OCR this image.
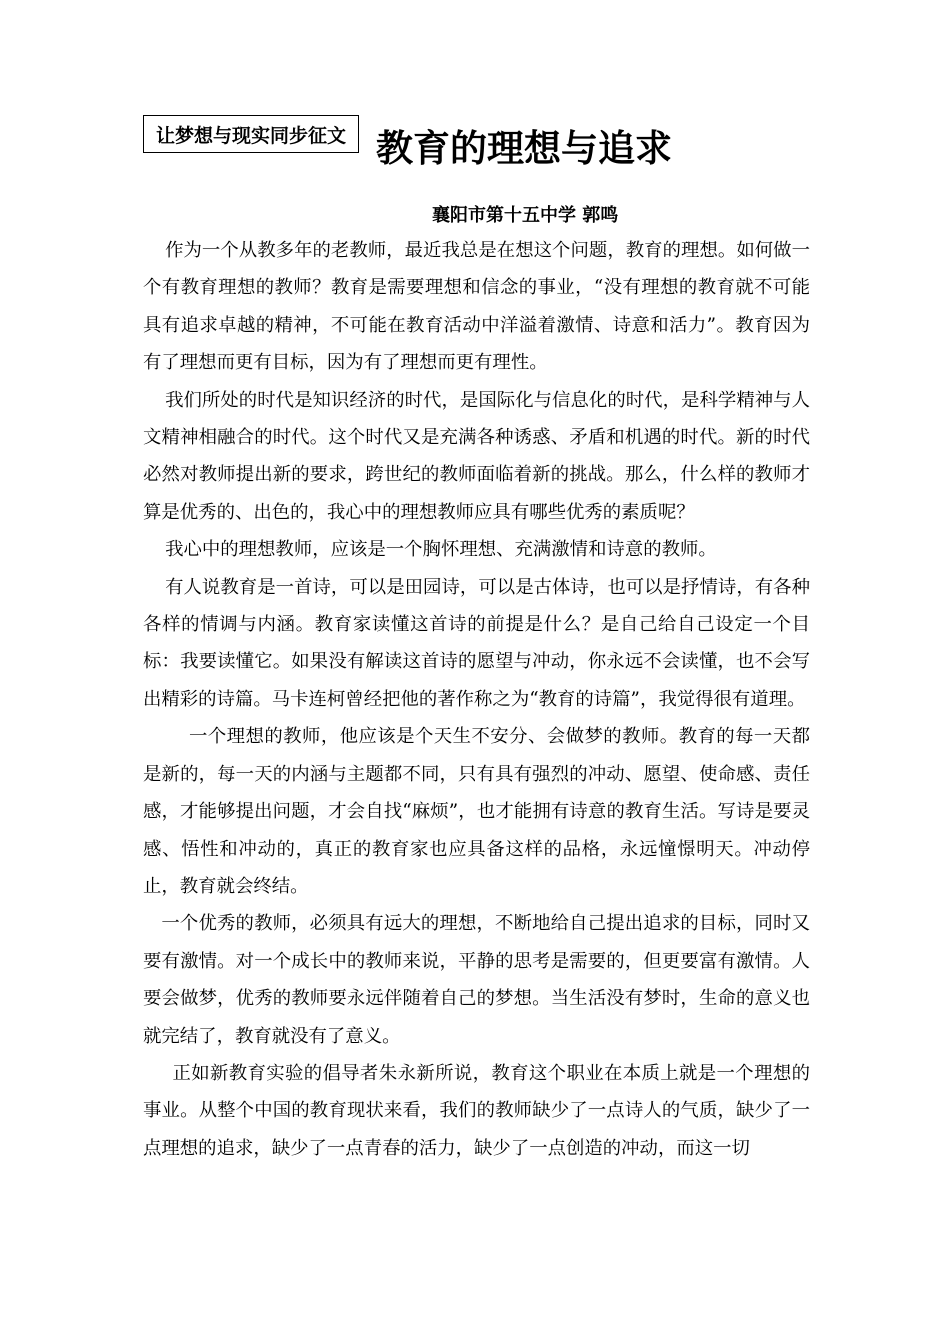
让梦想与现实同步征文 教育的理想与追求
襄阳市第十五中学 郭鸣

作为一个从教多年的老教师，最近我总是在想这个问题，教育的理想。如何做一个有教育理想的教师？教育是需要理想和信念的事业，“没有理想的教育就不可能具有追求卓越的精神，不可能在教育活动中洋溢着激情、诗意和活力”。教育因为有了理想而更有目标，因为有了理想而更有理性。

我们所处的时代是知识经济的时代，是国际化与信息化的时代，是科学精神与人文精神相融合的时代。这个时代又是充满各种诱惑、矛盾和机遇的时代。新的时代必然对教师提出新的要求，跨世纪的教师面临着新的挑战。那么，什么样的教师才算是优秀的、出色的，我心中的理想教师应具有哪些优秀的素质呢？

我心中的理想教师，应该是一个胸怀理想、充满激情和诗意的教师。

有人说教育是一首诗，可以是田园诗，可以是古体诗，也可以是抒情诗，有各种各样的情调与内涵。教育家读懂这首诗的前提是什么？是自己给自己设定一个目标：我要读懂它。如果没有解读这首诗的愿望与冲动，你永远不会读懂，也不会写出精彩的诗篇。马卡连柯曾经把他的著作称之为“教育的诗篇”，我觉得很有道理。

一个理想的教师，他应该是个天生不安分、会做梦的教师。教育的每一天都是新的，每一天的内涵与主题都不同，只有具有强烈的冲动、愿望、使命感、责任感，才能够提出问题，才会自找“麻烦”，也才能拥有诗意的教育生活。写诗是要灵感、悟性和冲动的，真正的教育家也应具备这样的品格，永远憧憬明天。冲动停止，教育就会终结。

一个优秀的教师，必须具有远大的理想，不断地给自己提出追求的目标，同时又要有激情。对一个成长中的教师来说，平静的思考是需要的，但更要富有激情。人要会做梦，优秀的教师要永远伴随着自己的梦想。当生活没有梦时，生命的意义也就完结了，教育就没有了意义。

正如新教育实验的倡导者朱永新所说，教育这个职业在本质上就是一个理想的事业。从整个中国的教育现状来看，我们的教师缺少了一点诗人的气质，缺少了一点理想的追求，缺少了一点青春的活力，缺少了一点创造的冲动，而这一切
